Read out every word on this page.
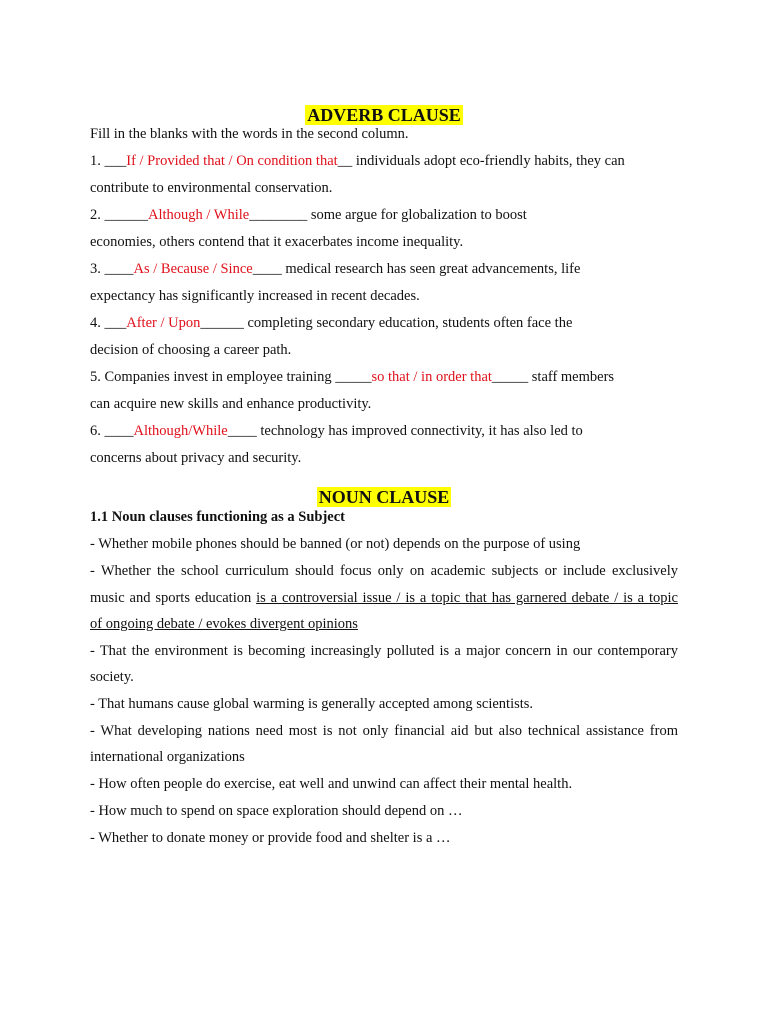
ADVERB CLAUSE
Fill in the blanks with the words in the second column.
1. ___If / Provided that / On condition that__ individuals adopt eco-friendly habits, they can
contribute to environmental conservation.
2. ______Although / While________ some argue for globalization to boost
economies, others contend that it exacerbates income inequality.
3. ____As / Because / Since____ medical research has seen great advancements, life
expectancy has significantly increased in recent decades.
4. ___After / Upon______ completing secondary education, students often face the
decision of choosing a career path.
5. Companies invest in employee training _____so that / in order that_____ staff members
can acquire new skills and enhance productivity.
6. ____Although/While____ technology has improved connectivity, it has also led to
concerns about privacy and security.
NOUN CLAUSE
1.1 Noun clauses functioning as a Subject
- Whether mobile phones should be banned (or not) depends on the purpose of using
- Whether the school curriculum should focus only on academic subjects or include exclusively
music and sports education is a controversial issue / is a topic that has garnered debate / is a topic
of ongoing debate / evokes divergent opinions
- That the environment is becoming increasingly polluted is a major concern in our contemporary
society.
- That humans cause global warming is generally accepted among scientists.
- What developing nations need most is not only financial aid but also technical assistance from
international organizations
- How often people do exercise, eat well and unwind can affect their mental health.
- How much to spend on space exploration should depend on …
- Whether to donate money or provide food and shelter is a …
